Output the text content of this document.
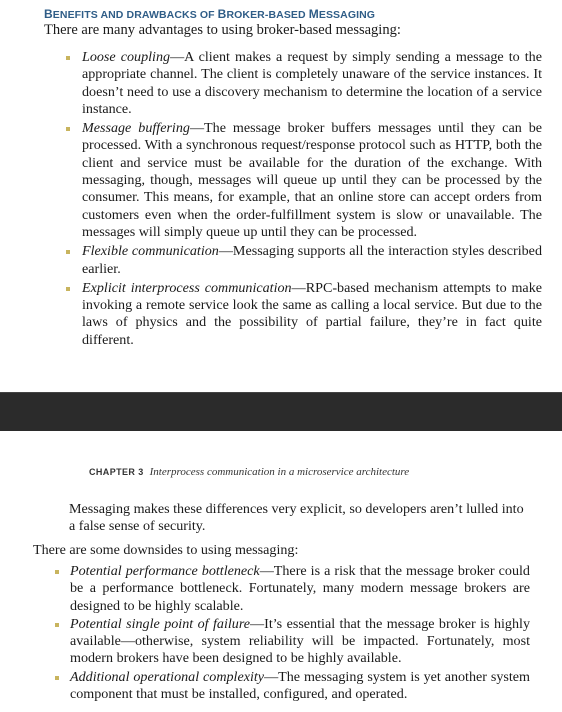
BENEFITS AND DRAWBACKS OF BROKER-BASED MESSAGING

There are many advantages to using broker-based messaging:

Loose coupling—A client makes a request by simply sending a message to the appropriate channel. The client is completely unaware of the service instances. It doesn’t need to use a discovery mechanism to determine the location of a service instance.
Message buffering—The message broker buffers messages until they can be processed. With a synchronous request/response protocol such as HTTP, both the client and service must be available for the duration of the exchange. With messaging, though, messages will queue up until they can be processed by the consumer. This means, for example, that an online store can accept orders from customers even when the order-fulfillment system is slow or unavailable. The messages will simply queue up until they can be processed.
Flexible communication—Messaging supports all the interaction styles described earlier.
Explicit interprocess communication—RPC-based mechanism attempts to make invoking a remote service look the same as calling a local service. But due to the laws of physics and the possibility of partial failure, they’re in fact quite different.
CHAPTER 3 Interprocess communication in a microservice architecture

Messaging makes these differences very explicit, so developers aren’t lulled into a false sense of security.

There are some downsides to using messaging:

Potential performance bottleneck—There is a risk that the message broker could be a performance bottleneck. Fortunately, many modern message brokers are designed to be highly scalable.
Potential single point of failure—It’s essential that the message broker is highly available—otherwise, system reliability will be impacted. Fortunately, most modern brokers have been designed to be highly available.
Additional operational complexity—The messaging system is yet another system component that must be installed, configured, and operated.
